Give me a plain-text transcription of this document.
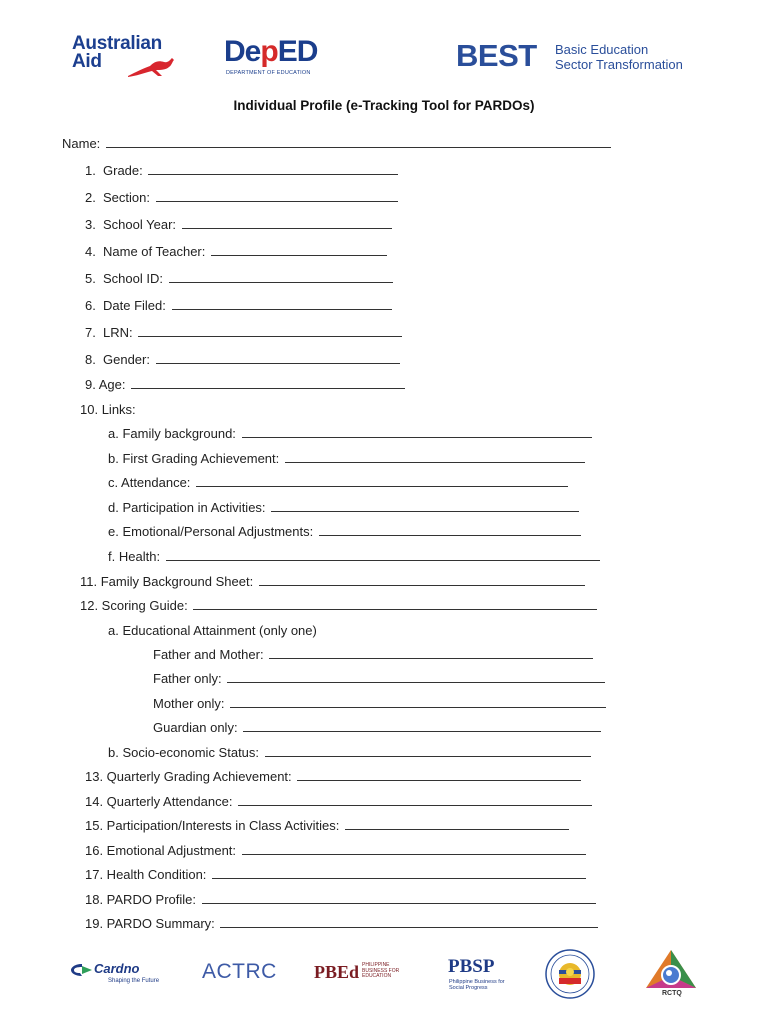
Australian
Aid	DepED
DEPARTMENT OF EDUCATION	BEST Basic Education
Sector Transformation
Individual Profile (e-Tracking Tool for PARDOs)
Name:
1. Grade:
2. Section:
3. School Year:
4. Name of Teacher:
5. School ID:
6. Date Filed:
7. LRN:
8. Gender:
9. Age:
10. Links:
a. Family background:
b. First Grading Achievement:
c. Attendance:
d. Participation in Activities:
e. Emotional/Personal Adjustments:
f. Health:
11. Family Background Sheet:
12. Scoring Guide:
a. Educational Attainment (only one)
Father and Mother:
Father only:
Mother only:
Guardian only:
b. Socio-economic Status:
13. Quarterly Grading Achievement:
14. Quarterly Attendance:
15. Participation/Interests in Class Activities:
16. Emotional Adjustment:
17. Health Condition:
18. PARDO Profile:
19. PARDO Summary:
Cardno
Shaping the Future ACTRC PBEd PHILIPPINE BUSINESS FOR EDUCATION	PBSP
Philippine Business for Social Progress
RCTQ
